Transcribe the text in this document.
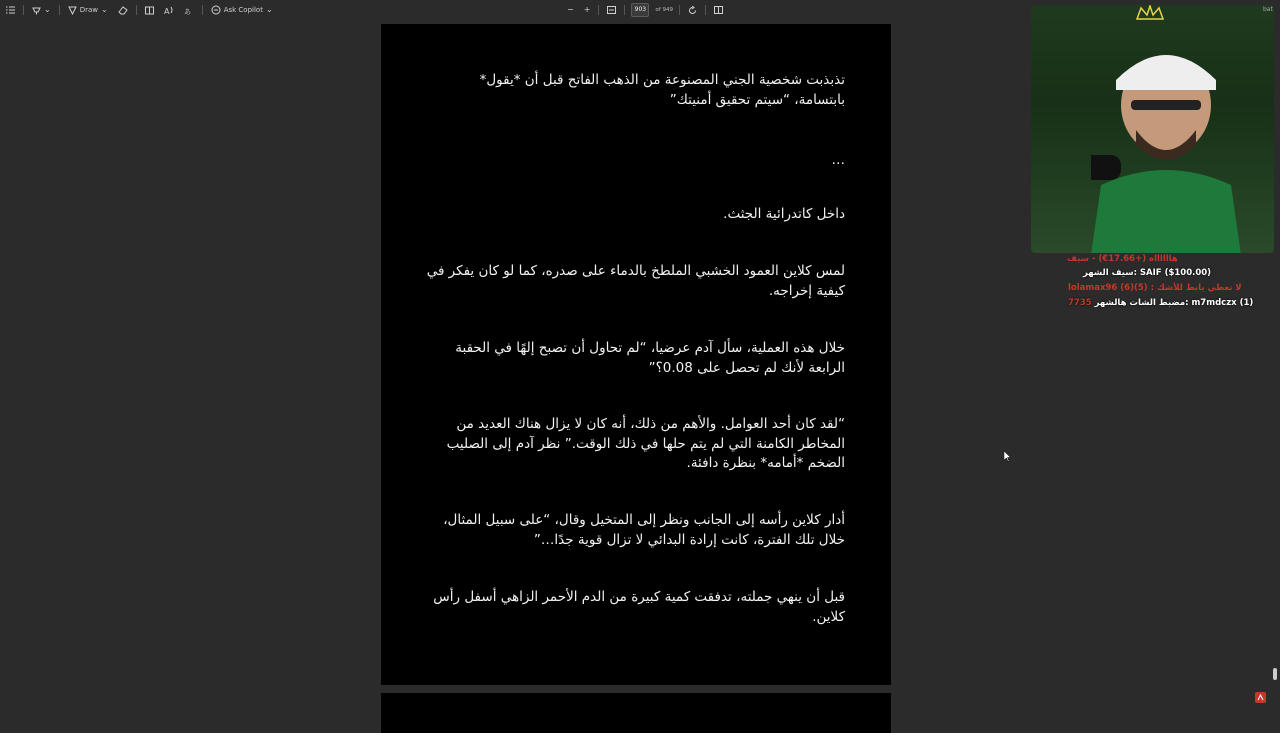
⌄	Draw ⌄	A あ	Ask Copilot ⌄	− +	903	of 949
تذبذبت شخصية الجني المصنوعة من الذهب الفاتح قبل أن *يقول* بابتسامة، “سيتم تحقيق أمنيتك”
…
داخل كاتدرائية الجثث.
لمس كلاين العمود الخشبي الملطخ بالدماء على صدره، كما لو كان يفكر في كيفية إخراجه.
خلال هذه العملية، سأل آدم عرضيا، “لم تحاول أن تصبح إلهًا في الحقبة الرابعة لأنك لم تحصل على 0.08؟”
“لقد كان أحد العوامل. والأهم من ذلك، أنه كان لا يزال هناك العديد من المخاطر الكامنة التي لم يتم حلها في ذلك الوقت.” نظر آدم إلى الصليب الضخم *أمامه* بنظرة دافئة.
أدار كلاين رأسه إلى الجانب ونظر إلى المتخيل وقال، “على سبيل المثال، خلال تلك الفترة، كانت إرادة البدائي لا تزال قوية جدًا…”
قبل أن ينهي جملته، تدفقت كمية كبيرة من الدم الأحمر الزاهي أسفل رأس كلاين.
bat
هااااااه (+17.66€) - سيف
سيف الشهر: SAIF ($100.00)
lolamax96 (6)(5) : لا تعطي يابط للأشك
7735 مضبط الشات هالشهر: m7mdczx (1)
